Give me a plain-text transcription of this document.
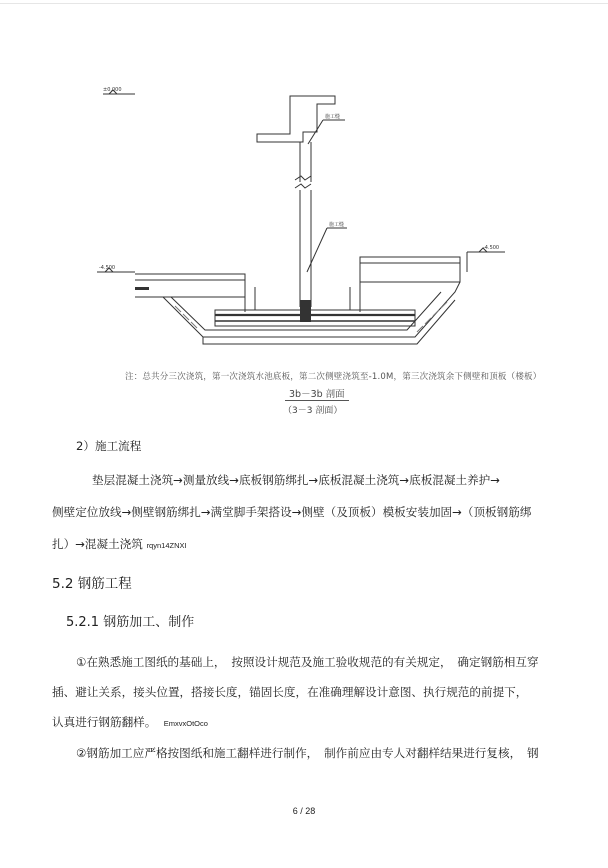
±0.000
施工缝
施工缝
-4.500
-4.500
注：总共分三次浇筑，第一次浇筑水池底板，第二次侧壁浇筑至-1.0M，第三次浇筑余下侧壁和顶板（楼板）
3b－3b 剖面
（3－3 剖面）
2）施工流程
垫层混凝土浇筑→测量放线→底板钢筋绑扎→底板混凝土浇筑→底板混凝土养护→
侧壁定位放线→侧壁钢筋绑扎→满堂脚手架搭设→侧壁（及顶板）模板安装加固→（顶板钢筋绑
扎）→混凝土浇筑 rqyn14ZNXI
5.2 钢筋工程
5.2.1 钢筋加工、制作
①在熟悉施工图纸的基础上，　按照设计规范及施工验收规范的有关规定，　确定钢筋相互穿
插、避让关系，接头位置，搭接长度，锚固长度，在准确理解设计意图、执行规范的前提下，
认真进行钢筋翻样。 EmxvxOtOco
②钢筋加工应严格按图纸和施工翻样进行制作，　制作前应由专人对翻样结果进行复核，　钢
6 / 28
